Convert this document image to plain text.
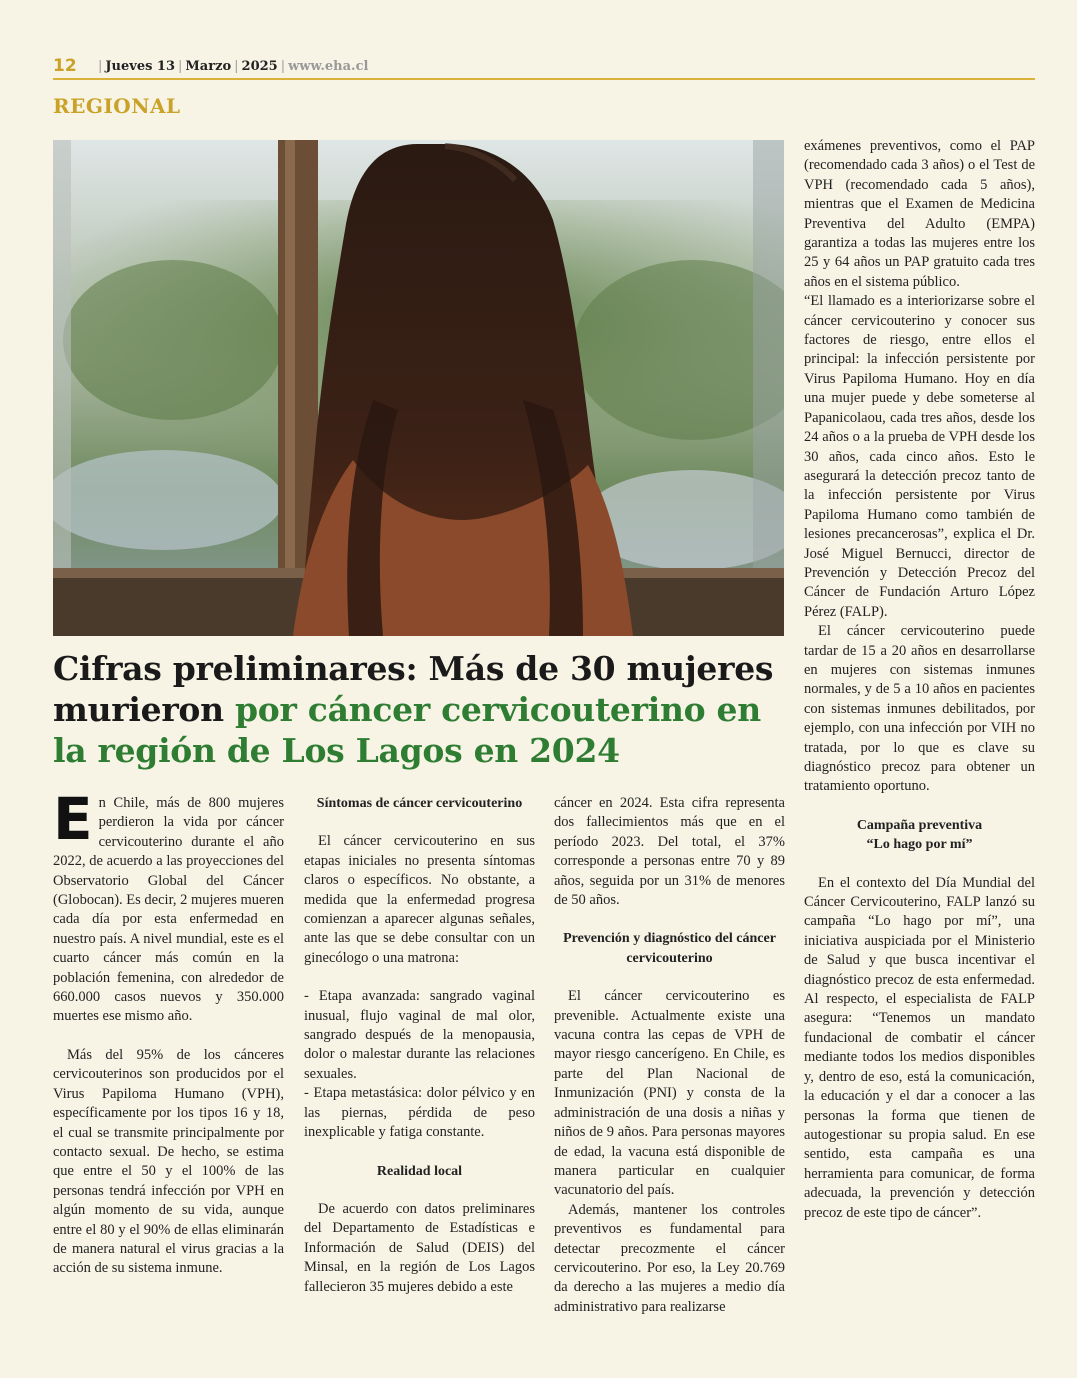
12 | Jueves 13 | Marzo | 2025 | www.eha.cl
REGIONAL
Cifras preliminares: Más de 30 mujeres murieron por cáncer cervicouterino en la región de Los Lagos en 2024

En Chile, más de 800 mujeres perdieron la vida por cáncer cervicouterino durante el año 2022, de acuerdo a las proyecciones del Observatorio Global del Cáncer (Globocan). Es decir, 2 mujeres mueren cada día por esta enfermedad en nuestro país. A nivel mundial, este es el cuarto cáncer más común en la población femenina, con alrededor de 660.000 casos nuevos y 350.000 muertes ese mismo año.

Más del 95% de los cánceres cervicouterinos son producidos por el Virus Papiloma Humano (VPH), específicamente por los tipos 16 y 18, el cual se transmite principalmente por contacto sexual. De hecho, se estima que entre el 50 y el 100% de las personas tendrá infección por VPH en algún momento de su vida, aunque entre el 80 y el 90% de ellas eliminarán de manera natural el virus gracias a la acción de su sistema inmune.

Síntomas de cáncer cervicouterino

El cáncer cervicouterino en sus etapas iniciales no presenta síntomas claros o específicos. No obstante, a medida que la enfermedad progresa comienzan a aparecer algunas señales, ante las que se debe consultar con un ginecólogo o una matrona:

- Etapa avanzada: sangrado vaginal inusual, flujo vaginal de mal olor, sangrado después de la menopausia, dolor o malestar durante las relaciones sexuales.

- Etapa metastásica: dolor pélvico y en las piernas, pérdida de peso inexplicable y fatiga constante.

Realidad local

De acuerdo con datos preliminares del Departamento de Estadísticas e Información de Salud (DEIS) del Minsal, en la región de Los Lagos fallecieron 35 mujeres debido a este

cáncer en 2024. Esta cifra representa dos fallecimientos más que en el período 2023. Del total, el 37% corresponde a personas entre 70 y 89 años, seguida por un 31% de menores de 50 años.

Prevención y diagnóstico del cáncer cervicouterino

El cáncer cervicouterino es prevenible. Actualmente existe una vacuna contra las cepas de VPH de mayor riesgo cancerígeno. En Chile, es parte del Plan Nacional de Inmunización (PNI) y consta de la administración de una dosis a niñas y niños de 9 años. Para personas mayores de edad, la vacuna está disponible de manera particular en cualquier vacunatorio del país.

Además, mantener los controles preventivos es fundamental para detectar precozmente el cáncer cervicouterino. Por eso, la Ley 20.769 da derecho a las mujeres a medio día administrativo para realizarse

exámenes preventivos, como el PAP (recomendado cada 3 años) o el Test de VPH (recomendado cada 5 años), mientras que el Examen de Medicina Preventiva del Adulto (EMPA) garantiza a todas las mujeres entre los 25 y 64 años un PAP gratuito cada tres años en el sistema público.

“El llamado es a interiorizarse sobre el cáncer cervicouterino y conocer sus factores de riesgo, entre ellos el principal: la infección persistente por Virus Papiloma Humano. Hoy en día una mujer puede y debe someterse al Papanicolaou, cada tres años, desde los 24 años o a la prueba de VPH desde los 30 años, cada cinco años. Esto le asegurará la detección precoz tanto de la infección persistente por Virus Papiloma Humano como también de lesiones precancerosas”, explica el Dr. José Miguel Bernucci, director de Prevención y Detección Precoz del Cáncer de Fundación Arturo López Pérez (FALP).

El cáncer cervicouterino puede tardar de 15 a 20 años en desarrollarse en mujeres con sistemas inmunes normales, y de 5 a 10 años en pacientes con sistemas inmunes debilitados, por ejemplo, con una infección por VIH no tratada, por lo que es clave su diagnóstico precoz para obtener un tratamiento oportuno.

Campaña preventiva

“Lo hago por mí”

En el contexto del Día Mundial del Cáncer Cervicouterino, FALP lanzó su campaña “Lo hago por mí”, una iniciativa auspiciada por el Ministerio de Salud y que busca incentivar el diagnóstico precoz de esta enfermedad. Al respecto, el especialista de FALP asegura: “Tenemos un mandato fundacional de combatir el cáncer mediante todos los medios disponibles y, dentro de eso, está la comunicación, la educación y el dar a conocer a las personas la forma que tienen de autogestionar su propia salud. En ese sentido, esta campaña es una herramienta para comunicar, de forma adecuada, la prevención y detección precoz de este tipo de cáncer”.
